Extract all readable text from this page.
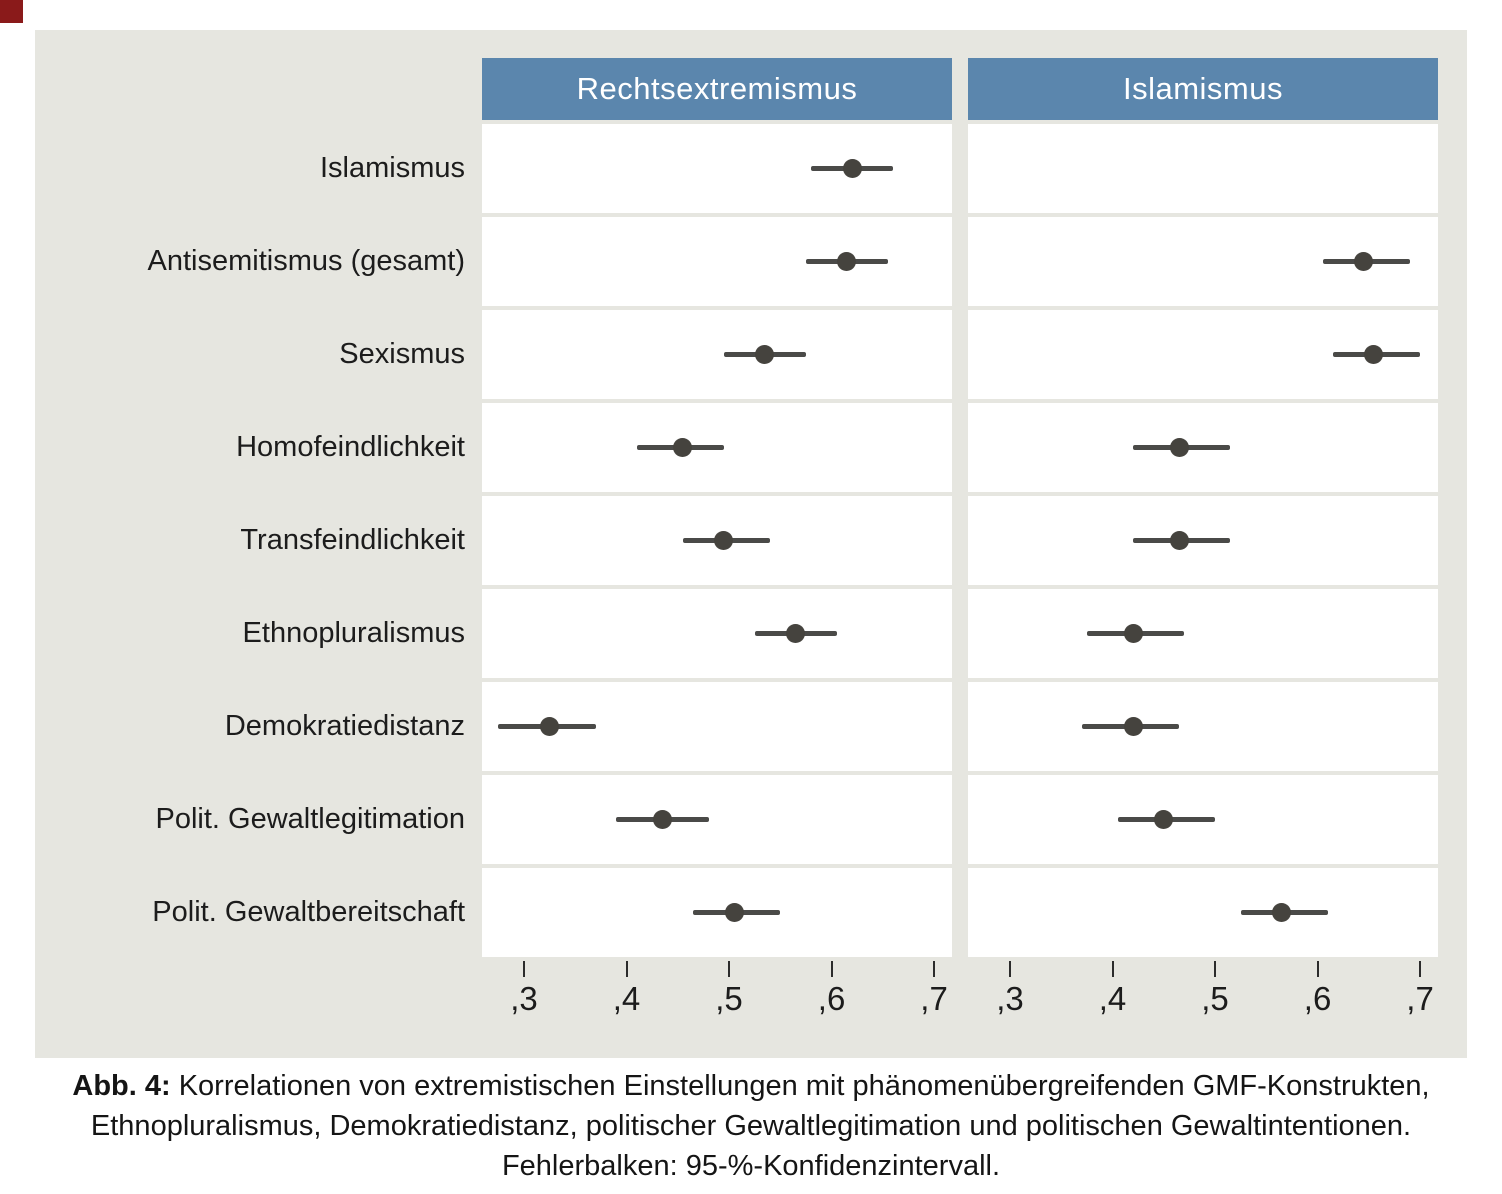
Rechtsextremismus	Islamismus
Islamismus
Antisemitismus (gesamt)
Sexismus
Homofeindlichkeit
Transfeindlichkeit
Ethnopluralismus
Demokratiedistanz
Polit. Gewaltlegitimation
Polit. Gewaltbereitschaft
,3	,3
,4	,4
,5	,5
,6	,6
,7	,7
Abb. 4: Korrelationen von extremistischen Einstellungen mit phänomenübergreifenden GMF-Konstrukten,
Ethnopluralismus, Demokratiedistanz, politischer Gewaltlegitimation und politischen Gewaltintentionen.
Fehlerbalken: 95-%-Konfidenzintervall.
